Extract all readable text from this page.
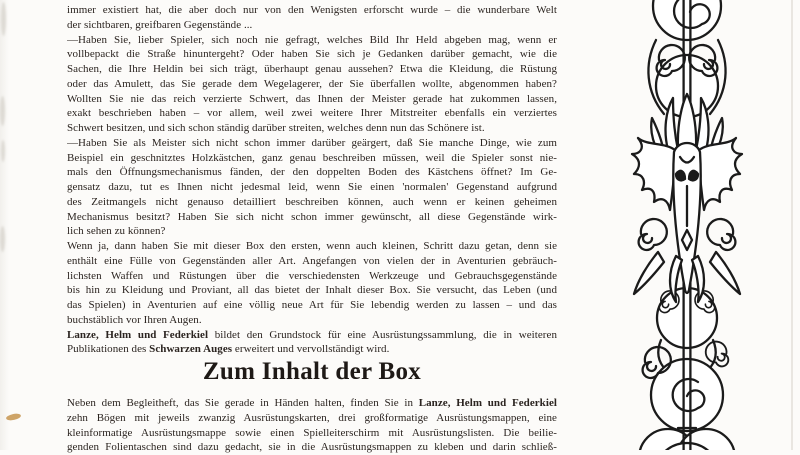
immer existiert hat, die aber doch nur von den Wenigsten erforscht wurde – die wunderbare Welt
der sichtbaren, greifbaren Gegenstände ...
—Haben Sie, lieber Spieler, sich noch nie gefragt, welches Bild Ihr Held abgeben mag, wenn er
vollbepackt die Straße hinuntergeht? Oder haben Sie sich je Gedanken darüber gemacht, wie die
Sachen, die Ihre Heldin bei sich trägt, überhaupt genau aussehen? Etwa die Kleidung, die Rüstung
oder das Amulett, das Sie gerade dem Wegelagerer, der Sie überfallen wollte, abgenommen haben?
Wollten Sie nie das reich verzierte Schwert, das Ihnen der Meister gerade hat zukommen lassen,
exakt beschrieben haben – vor allem, weil zwei weitere Ihrer Mitstreiter ebenfalls ein verziertes
Schwert besitzen, und sich schon ständig darüber streiten, welches denn nun das Schönere ist.
—Haben Sie als Meister sich nicht schon immer darüber geärgert, daß Sie manche Dinge, wie zum
Beispiel ein geschnitztes Holzkästchen, ganz genau beschreiben müssen, weil die Spieler sonst nie-
mals den Öffnungsmechanismus fänden, der den doppelten Boden des Kästchens öffnet? Im Ge-
gensatz dazu, tut es Ihnen nicht jedesmal leid, wenn Sie einen 'normalen' Gegenstand aufgrund
des Zeitmangels nicht genauso detailliert beschreiben können, auch wenn er keinen geheimen
Mechanismus besitzt? Haben Sie sich nicht schon immer gewünscht, all diese Gegenstände wirk-
lich sehen zu können?
Wenn ja, dann haben Sie mit dieser Box den ersten, wenn auch kleinen, Schritt dazu getan, denn sie
enthält eine Fülle von Gegenständen aller Art. Angefangen von vielen der in Aventurien gebräuch-
lichsten Waffen und Rüstungen über die verschiedensten Werkzeuge und Gebrauchsgegenstände
bis hin zu Kleidung und Proviant, all das bietet der Inhalt dieser Box. Sie versucht, das Leben (und
das Spielen) in Aventurien auf eine völlig neue Art für Sie lebendig werden zu lassen – und das
buchstäblich vor Ihren Augen.
Lanze, Helm und Federkiel bildet den Grundstock für eine Ausrüstungssammlung, die in weiteren
Publikationen des Schwarzen Auges erweitert und vervollständigt wird.
Zum Inhalt der Box
Neben dem Begleitheft, das Sie gerade in Händen halten, finden Sie in Lanze, Helm und Federkiel
zehn Bögen mit jeweils zwanzig Ausrüstungskarten, drei großformatige Ausrüstungsmappen, eine
kleinformatige Ausrüstungsmappe sowie einen Spielleiterschirm mit Ausrüstungslisten. Die beilie-
genden Folientaschen sind dazu gedacht, sie in die Ausrüstungsmappen zu kleben und darin schließ-
